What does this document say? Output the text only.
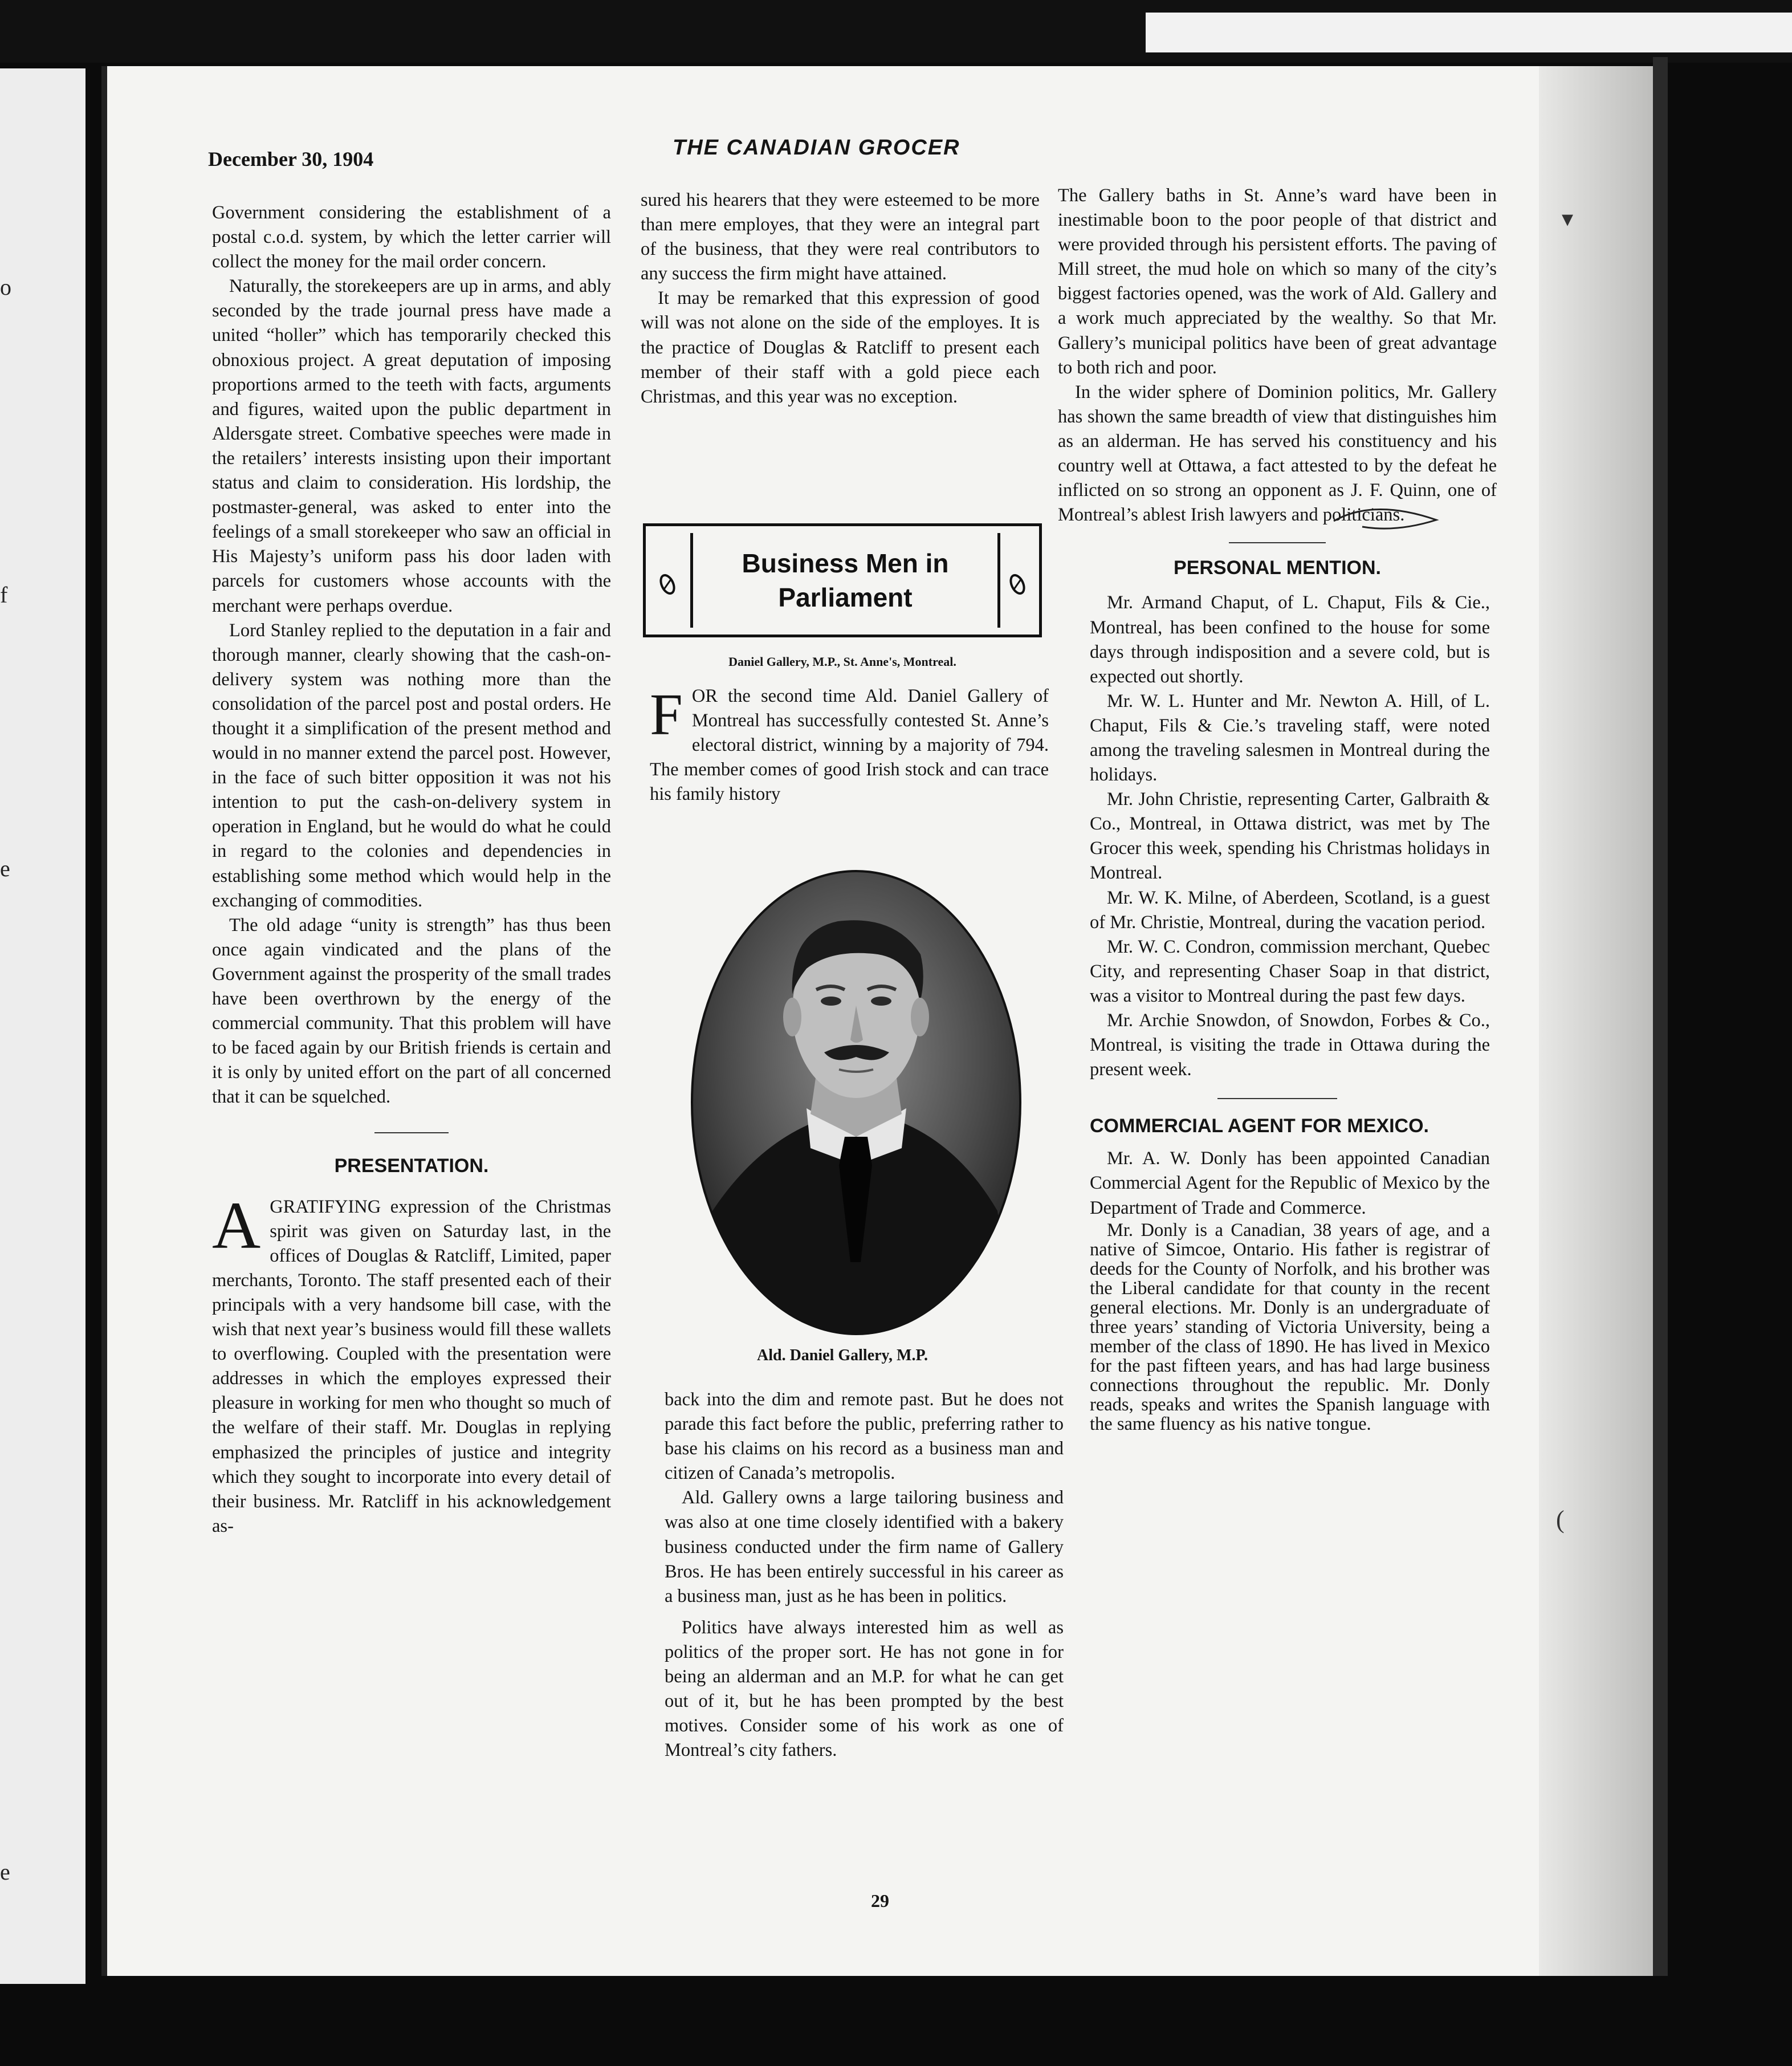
o
f
e
e
December 30, 1904	THE CANADIAN GROCER

Government considering the establishment of a postal c.o.d. system, by which the letter carrier will collect the money for the mail order concern.

Naturally, the storekeepers are up in arms, and ably seconded by the trade journal press have made a united “holler” which has temporarily checked this obnoxious project. A great deputation of imposing proportions armed to the teeth with facts, arguments and figures, waited upon the public department in Aldersgate street. Combative speeches were made in the retailers’ interests insisting upon their important status and claim to consideration. His lordship, the postmaster-general, was asked to enter into the feelings of a small storekeeper who saw an official in His Majesty’s uniform pass his door laden with parcels for customers whose accounts with the merchant were perhaps overdue.

Lord Stanley replied to the deputation in a fair and thorough manner, clearly showing that the cash-on-delivery system was nothing more than the consolidation of the parcel post and postal orders. He thought it a simplification of the present method and would in no manner extend the parcel post. However, in the face of such bitter opposition it was not his intention to put the cash-on-delivery system in operation in England, but he would do what he could in regard to the colonies and dependencies in establishing some method which would help in the exchanging of commodities.

The old adage “unity is strength” has thus been once again vindicated and the plans of the Government against the prosperity of the small trades have been overthrown by the energy of the commercial community. That this problem will have to be faced again by our British friends is certain and it is only by united effort on the part of all concerned that it can be squelched.

PRESENTATION.
A GRATIFYING expression of the Christmas spirit was given on Saturday last, in the offices of Douglas & Ratcliff, Limited, paper merchants, Toronto. The staff presented each of their principals with a very handsome bill case, with the wish that next year’s business would fill these wallets to overflowing. Coupled with the presentation were addresses in which the employes expressed their pleasure in working for men who thought so much of the welfare of their staff. Mr. Douglas in replying emphasized the principles of justice and integrity which they sought to incorporate into every detail of their business. Mr. Ratcliff in his acknowledgement as-

sured his hearers that they were esteemed to be more than mere employes, that they were an integral part of the business, that they were real contributors to any success the firm might have attained.

It may be remarked that this expression of good will was not alone on the side of the employes. It is the practice of Douglas & Ratcliff to present each member of their staff with a gold piece each Christmas, and this year was no exception.

Business Men in Parliament
Daniel Gallery, M.P., St. Anne's, Montreal.
F OR the second time Ald. Daniel Gallery of Montreal has successfully contested St. Anne’s electoral district, winning by a majority of 794. The member comes of good Irish stock and can trace his family history
Ald. Daniel Gallery, M.P.

back into the dim and remote past. But he does not parade this fact before the public, preferring rather to base his claims on his record as a business man and citizen of Canada’s metropolis.

Ald. Gallery owns a large tailoring business and was also at one time closely identified with a bakery business conducted under the firm name of Gallery Bros. He has been entirely successful in his career as a business man, just as he has been in politics.

Politics have always interested him as well as politics of the proper sort. He has not gone in for being an alderman and an M.P. for what he can get out of it, but he has been prompted by the best motives. Consider some of his work as one of Montreal’s city fathers.

The Gallery baths in St. Anne’s ward have been in inestimable boon to the poor people of that district and were provided through his persistent efforts. The paving of Mill street, the mud hole on which so many of the city’s biggest factories opened, was the work of Ald. Gallery and a work much appreciated by the wealthy. So that Mr. Gallery’s municipal politics have been of great advantage to both rich and poor.

In the wider sphere of Dominion politics, Mr. Gallery has shown the same breadth of view that distinguishes him as an alderman. He has served his constituency and his country well at Ottawa, a fact attested to by the defeat he inflicted on so strong an opponent as J. F. Quinn, one of Montreal’s ablest Irish lawyers and politicians.

PERSONAL MENTION.

Mr. Armand Chaput, of L. Chaput, Fils & Cie., Montreal, has been confined to the house for some days through indisposition and a severe cold, but is expected out shortly.

Mr. W. L. Hunter and Mr. Newton A. Hill, of L. Chaput, Fils & Cie.’s traveling staff, were noted among the traveling salesmen in Montreal during the holidays.

Mr. John Christie, representing Carter, Galbraith & Co., Montreal, in Ottawa district, was met by The Grocer this week, spending his Christmas holidays in Montreal.

Mr. W. K. Milne, of Aberdeen, Scotland, is a guest of Mr. Christie, Montreal, during the vacation period.

Mr. W. C. Condron, commission merchant, Quebec City, and representing Chaser Soap in that district, was a visitor to Montreal during the past few days.

Mr. Archie Snowdon, of Snowdon, Forbes & Co., Montreal, is visiting the trade in Ottawa during the present week.

COMMERCIAL AGENT FOR MEXICO.

Mr. A. W. Donly has been appointed Canadian Commercial Agent for the Republic of Mexico by the Department of Trade and Commerce.

Mr. Donly is a Canadian, 38 years of age, and a native of Simcoe, Ontario. His father is registrar of deeds for the County of Norfolk, and his brother was the Liberal candidate for that county in the recent general elections. Mr. Donly is an undergraduate of three years’ standing of Victoria University, being a member of the class of 1890. He has lived in Mexico for the past fifteen years, and has had large business connections throughout the republic. Mr. Donly reads, speaks and writes the Spanish language with the same fluency as his native tongue.

▾
(
29
